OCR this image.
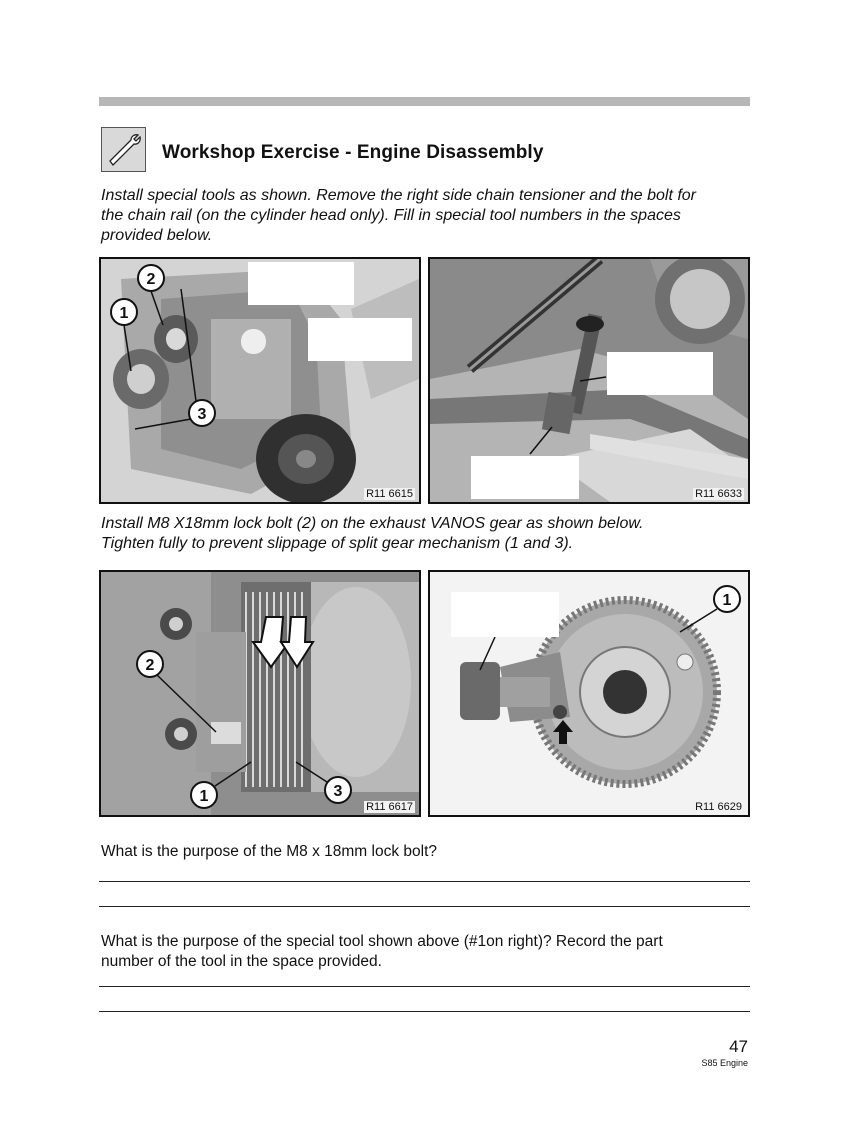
Workshop Exercise - Engine Disassembly
Install special tools as shown. Remove the right side chain tensioner and the bolt for
the chain rail (on the cylinder head only). Fill in special tool numbers in the spaces
provided below.
2
1
3
R11 6615	R11 6633
Install M8 X18mm lock bolt (2) on the exhaust VANOS gear as shown below.
Tighten fully to prevent slippage of split gear mechanism (1 and 3).
2
1	3
R11 6617
1
R11 6629
What is the purpose of the M8 x 18mm lock bolt?
What is the purpose of the special tool shown above (#1on right)? Record the part
number of the tool in the space provided.
47
S85 Engine
